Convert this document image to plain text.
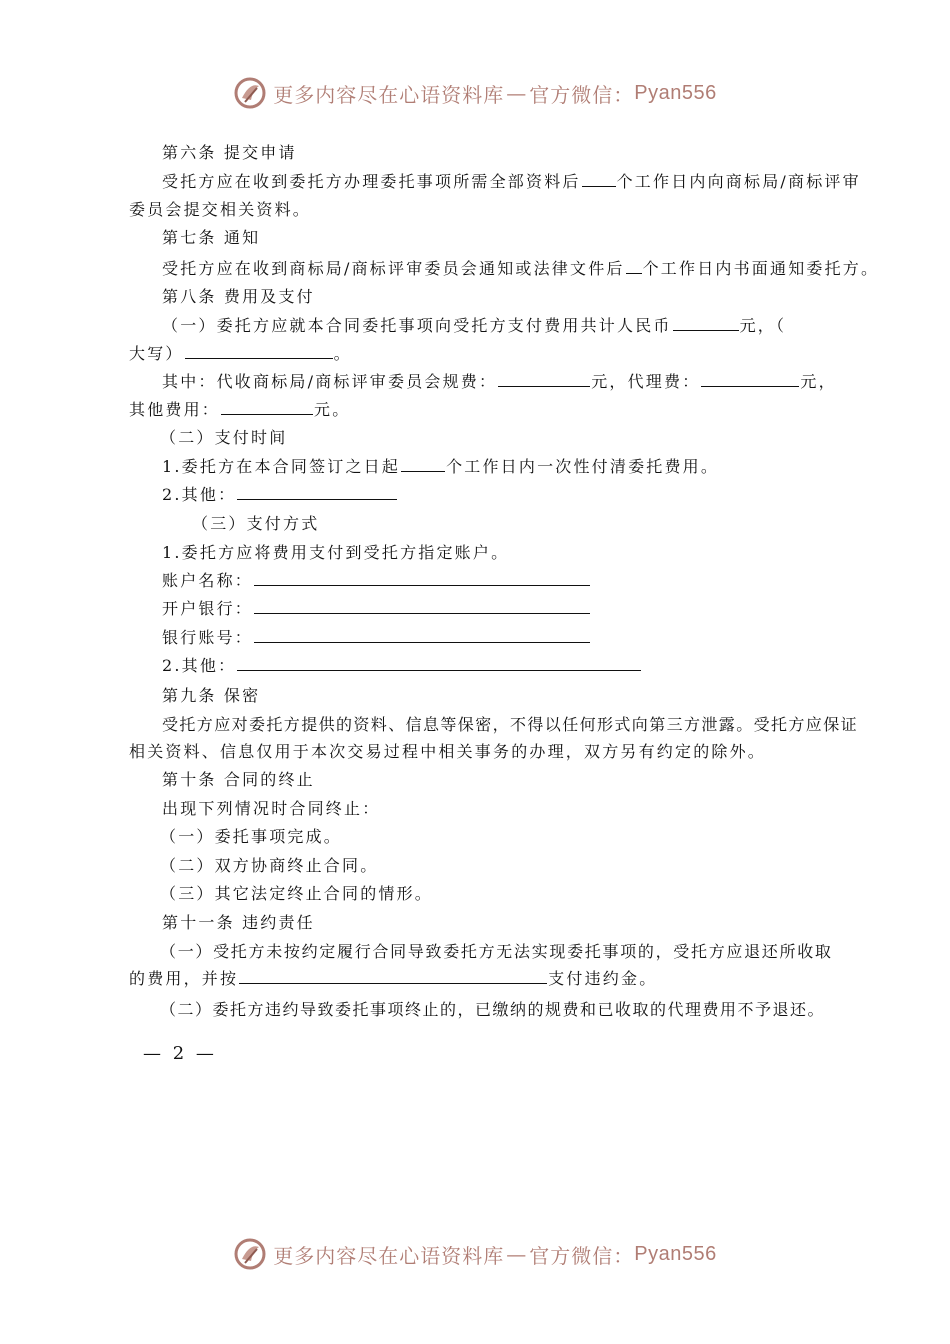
更多内容尽在心语资料库 — 官方微信： Pyan556
第六条 提交申请
受托方应在收到委托方办理委托事项所需全部资料后 个工作日内向商标局/商标评审
委员会提交相关资料。
第七条 通知
受托方应在收到商标局/商标评审委员会通知或法律文件后 个工作日内书面通知委托方。
第八条 费用及支付
（一）委托方应就本合同委托事项向受托方支付费用共计人民币	元，（
大写）	。
其中：代收商标局/商标评审委员会规费：	元，代理费：	元，
其他费用：	元。
（二）支付时间
1.委托方在本合同签订之日起	个工作日内一次性付清委托费用。
2.其他：
（三）支付方式
1.委托方应将费用支付到受托方指定账户。
账户名称：
开户银行：
银行账号：
2.其他：
第九条 保密
受托方应对委托方提供的资料、信息等保密，不得以任何形式向第三方泄露。受托方应保证
相关资料、信息仅用于本次交易过程中相关事务的办理，双方另有约定的除外。
第十条 合同的终止
出现下列情况时合同终止：
（一）委托事项完成。
（二）双方协商终止合同。
（三）其它法定终止合同的情形。
第十一条 违约责任
（一）受托方未按约定履行合同导致委托方无法实现委托事项的，受托方应退还所收取
的费用，并按	支付违约金。
（二）委托方违约导致委托事项终止的，已缴纳的规费和已收取的代理费用不予退还。
— 2 —
更多内容尽在心语资料库 — 官方微信： Pyan556
